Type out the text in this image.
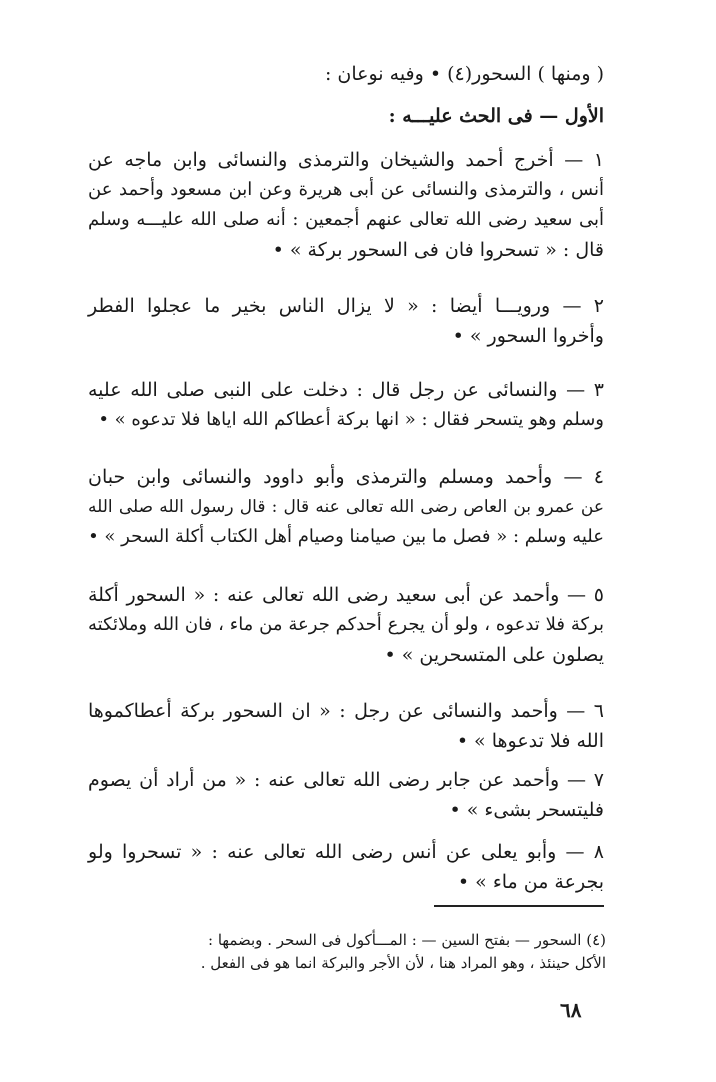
( ومنها ) السحور(٤) • وفيه نوعان :
الأول — فى الحث عليـــه :
١ — أخرج أحمد والشيخان والترمذى والنسائى وابن ماجه عن
أنس ، والترمذى والنسائى عن أبى هريرة وعن ابن مسعود وأحمد عن
أبى سعيد رضى الله تعالى عنهم أجمعين : أنه صلى الله عليـــه وسلم
قال : « تسحروا فان فى السحور بركة » •
٢ — ورويـــا أيضا : « لا يزال الناس بخير ما عجلوا الفطر
وأخروا السحور » •
٣ — والنسائى عن رجل قال : دخلت على النبى صلى الله عليه
وسلم وهو يتسحر فقال : « انها بركة أعطاكم الله اياها فلا تدعوه » •
٤ — وأحمد ومسلم والترمذى وأبو داوود والنسائى وابن حبان
عن عمرو بن العاص رضى الله تعالى عنه قال : قال رسول الله صلى الله
عليه وسلم : « فصل ما بين صيامنا وصيام أهل الكتاب أكلة السحر » •
٥ — وأحمد عن أبى سعيد رضى الله تعالى عنه : « السحور أكلة
بركة فلا تدعوه ، ولو أن يجرع أحدكم جرعة من ماء ، فان الله وملائكته
يصلون على المتسحرين » •
٦ — وأحمد والنسائى عن رجل : « ان السحور بركة أعطاكموها
الله فلا تدعوها » •
٧ — وأحمد عن جابر رضى الله تعالى عنه : « من أراد أن يصوم
فليتسحر بشىء » •
٨ — وأبو يعلى عن أنس رضى الله تعالى عنه : « تسحروا ولو
بجرعة من ماء » •
(٤) السحور — بفتح السين — : المـــأكول فى السحر . وبضمها :
الأكل حينئذ ، وهو المراد هنا ، لأن الأجر والبركة انما هو فى الفعل .
٦٨
